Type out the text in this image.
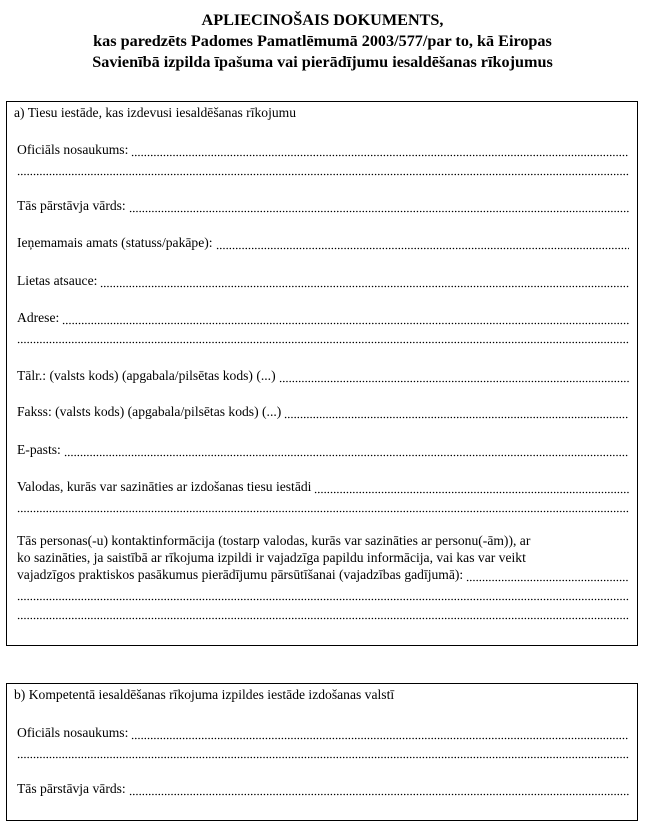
APLIECINOŠAIS DOKUMENTS,
kas paredzēts Padomes Pamatlēmumā 2003/577/par to, kā Eiropas
Savienībā izpilda īpašuma vai pierādījumu iesaldēšanas rīkojumus
a) Tiesu iestāde, kas izdevusi iesaldēšanas rīkojumu
Oficiāls nosaukums:
Tās pārstāvja vārds:
Ieņemamais amats (statuss/pakāpe):
Lietas atsauce:
Adrese:
Tālr.: (valsts kods) (apgabala/pilsētas kods) (...)
Fakss: (valsts kods) (apgabala/pilsētas kods) (...)
E-pasts:
Valodas, kurās var sazināties ar izdošanas tiesu iestādi
Tās personas(-u) kontaktinformācija (tostarp valodas, kurās var sazināties ar personu(-ām)), ar
ko sazināties, ja saistībā ar rīkojuma izpildi ir vajadzīga papildu informācija, vai kas var veikt
vajadzīgos praktiskos pasākumus pierādījumu pārsūtīšanai (vajadzības gadījumā):
b) Kompetentā iesaldēšanas rīkojuma izpildes iestāde izdošanas valstī
Oficiāls nosaukums:
Tās pārstāvja vārds:
